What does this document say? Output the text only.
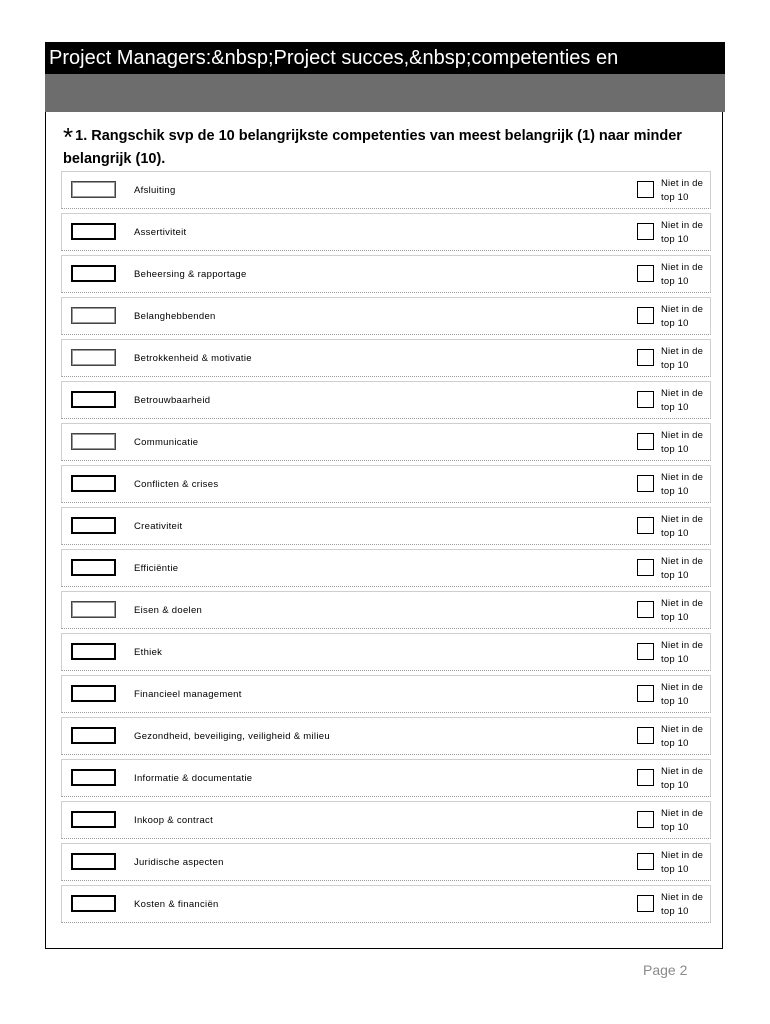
Project Managers:&nbsp;Project succes,&nbsp;competenties en
* 1. Rangschik svp de 10 belangrijkste competenties van meest belangrijk (1) naar minder belangrijk (10).
Afsluiting
Niet in de
top 10
Assertiviteit
Niet in de
top 10
Beheersing & rapportage
Niet in de
top 10
Belanghebbenden
Niet in de
top 10
Betrokkenheid & motivatie
Niet in de
top 10
Betrouwbaarheid
Niet in de
top 10
Communicatie
Niet in de
top 10
Conflicten & crises
Niet in de
top 10
Creativiteit
Niet in de
top 10
Efficiëntie
Niet in de
top 10
Eisen & doelen
Niet in de
top 10
Ethiek
Niet in de
top 10
Financieel management
Niet in de
top 10
Gezondheid, beveiliging, veiligheid & milieu
Niet in de
top 10
Informatie & documentatie
Niet in de
top 10
Inkoop & contract
Niet in de
top 10
Juridische aspecten
Niet in de
top 10
Kosten & financiën
Niet in de
top 10
Page 2
